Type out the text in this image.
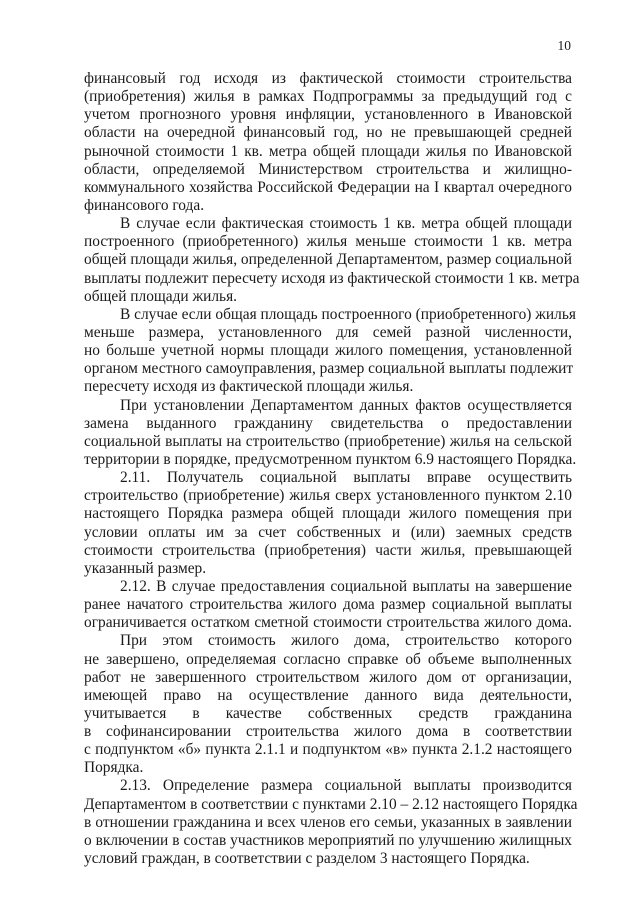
10
финансовый год исходя из фактической стоимости строительства
(приобретения) жилья в рамках Подпрограммы за предыдущий год с
учетом прогнозного уровня инфляции, установленного в Ивановской
области на очередной финансовый год, но не превышающей средней
рыночной стоимости 1 кв. метра общей площади жилья по Ивановской
области, определяемой Министерством строительства и жилищно-
коммунального хозяйства Российской Федерации на I квартал очередного
финансового года.
В случае если фактическая стоимость 1 кв. метра общей площади
построенного (приобретенного) жилья меньше стоимости 1 кв. метра
общей площади жилья, определенной Департаментом, размер социальной
выплаты подлежит пересчету исходя из фактической стоимости 1 кв. метра
общей площади жилья.
В случае если общая площадь построенного (приобретенного) жилья
меньше размера, установленного для семей разной численности,
но больше учетной нормы площади жилого помещения, установленной
органом местного самоуправления, размер социальной выплаты подлежит
пересчету исходя из фактической площади жилья.
При установлении Департаментом данных фактов осуществляется
замена выданного гражданину свидетельства о предоставлении
социальной выплаты на строительство (приобретение) жилья на сельской
территории в порядке, предусмотренном пунктом 6.9 настоящего Порядка.
2.11. Получатель социальной выплаты вправе осуществить
строительство (приобретение) жилья сверх установленного пунктом 2.10
настоящего Порядка размера общей площади жилого помещения при
условии оплаты им за счет собственных и (или) заемных средств
стоимости строительства (приобретения) части жилья, превышающей
указанный размер.
2.12. В случае предоставления социальной выплаты на завершение
ранее начатого строительства жилого дома размер социальной выплаты
ограничивается остатком сметной стоимости строительства жилого дома.
При этом стоимость жилого дома, строительство которого
не завершено, определяемая согласно справке об объеме выполненных
работ не завершенного строительством жилого дом от организации,
имеющей право на осуществление данного вида деятельности,
учитывается в качестве собственных средств гражданина
в софинансировании строительства жилого дома в соответствии
с подпунктом «б» пункта 2.1.1 и подпунктом «в» пункта 2.1.2 настоящего
Порядка.
2.13. Определение размера социальной выплаты производится
Департаментом в соответствии с пунктами 2.10 – 2.12 настоящего Порядка
в отношении гражданина и всех членов его семьи, указанных в заявлении
о включении в состав участников мероприятий по улучшению жилищных
условий граждан, в соответствии с разделом 3 настоящего Порядка.
